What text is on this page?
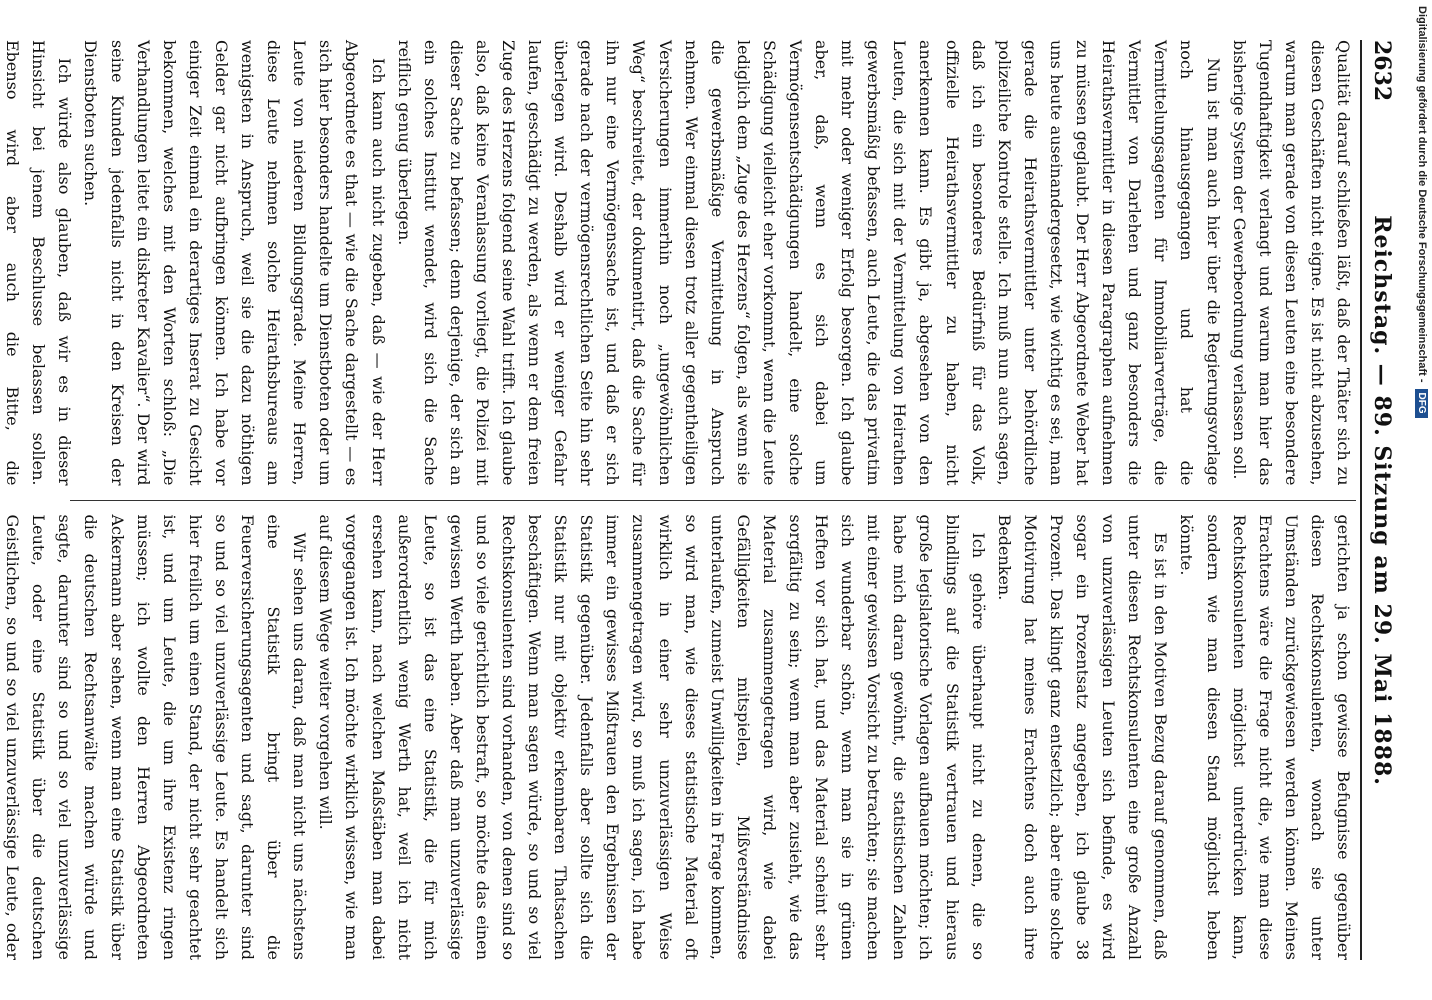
2632
Reichstag. — 89. Sitzung am 29. Mai 1888.

Qualität darauf schließen läßt, daß der Thäter sich zu diesen Geschäften nicht eigne. Es ist nicht abzusehen, warum man gerade von diesen Leuten eine besondere Tugendhaftigkeit verlangt und warum man hier das bisherige System der Gewerbeordnung verlassen soll.

Nun ist man auch hier über die Regierungsvorlage noch hinausgegangen und hat die Vermittelungsagenten für Immobiliarverträge, die Vermittler von Darlehen und ganz besonders die Heirathsvermittler in diesen Paragraphen aufnehmen zu müssen geglaubt. Der Herr Abgeordnete Weber hat uns heute auseinandergesetzt, wie wichtig es sei, man gerade die Heirathsvermittler unter behördliche polizeiliche Kontrole stelle. Ich muß nun auch sagen, daß ich ein besonderes Bedürfniß für das Volk, offizielle Heirathsvermittler zu haben, nicht anerkennen kann. Es gibt ja, abgesehen von den Leuten, die sich mit der Vermittelung von Heirathen gewerbsmäßig befassen, auch Leute, die das privatim mit mehr oder weniger Erfolg besorgen. Ich glaube aber, daß, wenn es sich dabei um Vermögensentschädigungen handelt, eine solche Schädigung vielleicht eher vorkommt, wenn die Leute lediglich dem „Zuge des Herzens“ folgen, als wenn sie die gewerbsmäßige Vermittelung in Anspruch nehmen. Wer einmal diesen trotz aller gegentheiligen Versicherungen immerhin noch „ungewöhnlichen Weg“ beschreitet, der dokumentirt, daß die Sache für ihn nur eine Vermögenssache ist, und daß er sich gerade nach der vermögensrechtlichen Seite hin sehr überlegen wird. Deshalb wird er weniger Gefahr laufen, geschädigt zu werden, als wenn er dem freien Zuge des Herzens folgend seine Wahl trifft. Ich glaube also, daß keine Veranlassung vorliegt, die Polizei mit dieser Sache zu befassen; denn derjenige, der sich an ein solches Institut wendet, wird sich die Sache reiflich genug überlegen.

Ich kann auch nicht zugeben, daß — wie der Herr Abgeordnete es that — wie die Sache dargestellt — es sich hier besonders handelte um Dienstboten oder um Leute von niederen Bildungsgrade. Meine Herren, diese Leute nehmen solche Heirathsbureaus am wenigsten in Anspruch, weil sie die dazu nöthigen Gelder gar nicht aufbringen können. Ich habe vor einiger Zeit einmal ein derartiges Inserat zu Gesicht bekommen, welches mit den Worten schloß: „Die Verhandlungen leitet ein diskreter Kavalier“. Der wird seine Kunden jedenfalls nicht in den Kreisen der Dienstboten suchen.

Ich würde also glauben, daß wir es in dieser Hinsicht bei jenem Beschlusse belassen sollen. Ebenso wird aber auch die Bitte, die

gerichten ja schon gewisse Befugnisse gegenüber diesen Rechtskonsulenten, wonach sie unter Umständen zurückgewiesen werden können. Meines Erachtens wäre die Frage nicht die, wie man diese Rechtskonsulenten möglichst unterdrücken kann, sondern wie man diesen Stand möglichst heben könnte.

Es ist in den Motiven Bezug darauf genommen, daß unter diesen Rechtskonsulenten eine große Anzahl von unzuverlässigen Leuten sich befinde, es wird sogar ein Prozentsatz angegeben, ich glaube 38 Prozent. Das klingt ganz entsetzlich; aber eine solche Motivirung hat meines Erachtens doch auch ihre Bedenken.

Ich gehöre überhaupt nicht zu denen, die so blindlings auf die Statistik vertrauen und hieraus große legislatorische Vorlagen aufbauen möchten; ich habe mich daran gewöhnt, die statistischen Zahlen mit einer gewissen Vorsicht zu betrachten; sie machen sich wunderbar schön, wenn man sie in grünen Heften vor sich hat, und das Material scheint sehr sorgfältig zu sein; wenn man aber zusieht, wie das Material zusammengetragen wird, wie dabei Gefälligkeiten mitspielen, Mißverständnisse unterlaufen, zumeist Unwilligkeiten in Frage kommen, so wird man, wie dieses statistische Material oft wirklich in einer sehr unzuverlässigen Weise zusammengetragen wird, so muß ich sagen, ich habe immer ein gewisses Mißtrauen den Ergebnissen der Statistik gegenüber. Jedenfalls aber sollte sich die Statistik nur mit objektiv erkennbaren Thatsachen beschäftigen. Wenn man sagen würde, so und so viel Rechtskonsulenten sind vorhanden, von denen sind so und so viele gerichtlich bestraft, so möchte das einen gewissen Werth haben. Aber daß man unzuverlässige Leute, so ist das eine Statistik, die für mich außerordentlich wenig Werth hat, weil ich nicht ersehen kann, nach welchen Maßstäben man dabei vorgegangen ist. Ich möchte wirklich wissen, wie man auf diesem Wege weiter vorgehen will.

Wir sehen uns daran, daß man nicht uns nächstens eine Statistik bringt über die Feuerversicherungsagenten und sagt, darunter sind so und so viel unzuverlässige Leute. Es handelt sich hier freilich um einen Stand, der nicht sehr geachtet ist, und um Leute, die um ihre Existenz ringen müssen; ich wollte den Herren Abgeordneten Ackermann aber sehen, wenn man eine Statistik über die deutschen Rechtsanwälte machen würde und sagte, darunter sind so und so viel unzuverlässige Leute, oder eine Statistik über die deutschen Geistlichen, so und so viel unzuverlässige Leute, oder

Digitalisierung gefördert durch die Deutsche Forschungsgemeinschaft -
DFG
